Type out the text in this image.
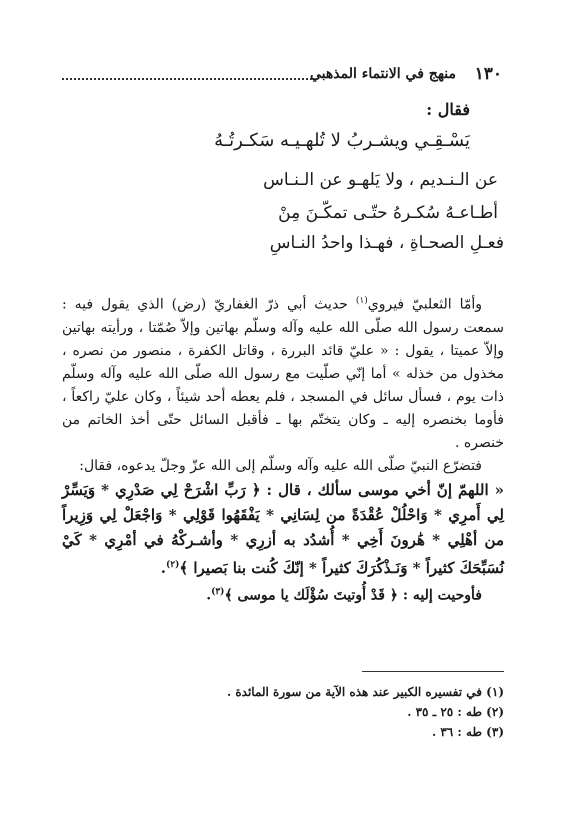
١٣٠
منهج في الانتماء المذهبي
فقال :
يَسْـقِـي ويشـربُ لا تُلهـيـه سَكـرتُـهُ
عن الـنـديم ، ولا يَلهـو عن الـنـاس
أطـاعـهُ سُكـرهُ حتّـى تمكّـنَ مِنْ
فعـلِ الصحـاةِ ، فهـذا واحدُ النـاسِ

وأمّا الثعلبيّ فيروي$^{(١)}$ حديث أبي ذرّ الغفاريّ (رض) الذي يقول فيه : سمعت رسول الله صلّى الله عليه وآله وسلّم بهاتين وإلاّ صُمّتا ، ورأيته بهاتين وإلاّ عميتا ، يقول : « عليّ قائد البررة ، وقاتل الكفرة ، منصور من نصره ، مخذول من خذله » أما إنّي صلّيت مع رسول الله صلّى الله عليه وآله وسلّم ذات يوم ، فسأل سائل في المسجد ، فلم يعطه أحد شيئاً ، وكان عليّ راكعاً ، فأوما بخنصره إليه ـ وكان يتختّم بها ـ فأقبل السائل حتّى أخذ الخاتم من خنصره .

فتضرّع النبيّ صلّى الله عليه وآله وسلّم إلى الله عزّ وجلّ يدعوه، فقال:

« اللهمّ إنّ أخي موسى سألك ، قال : ﴿ رَبِّ اشْرَحْ لِي صَدْرِي * وَيَسِّرْ لِي أَمرِي * وَاحْلُلْ عُقْدَةً من لِسَانِي * يَفْقَهُوا قَوْلِي * وَاجْعَلْ لِي وَزِيراً من أهْلِي * هَٰرونَ أَخِي * أُشدُد به أزرِي * وأشـركْهُ في أمْرِي * كَيْ نُسَبِّحَكَ كثيراً * وَنَـذْكُرَكَ كثيراً * إنّكَ كُنت بنا بَصيرا ﴾$^{(٢)}$.

فأوحيت إليه : ﴿ قَدْ أُوتيتَ سُؤْلَك يا موسى ﴾$^{(٣)}$.

(١) في تفسيره الكبير عند هذه الآية من سورة المائدة .
(٢) طه : ٢٥ ـ ٣٥ .
(٣) طه : ٣٦ .
